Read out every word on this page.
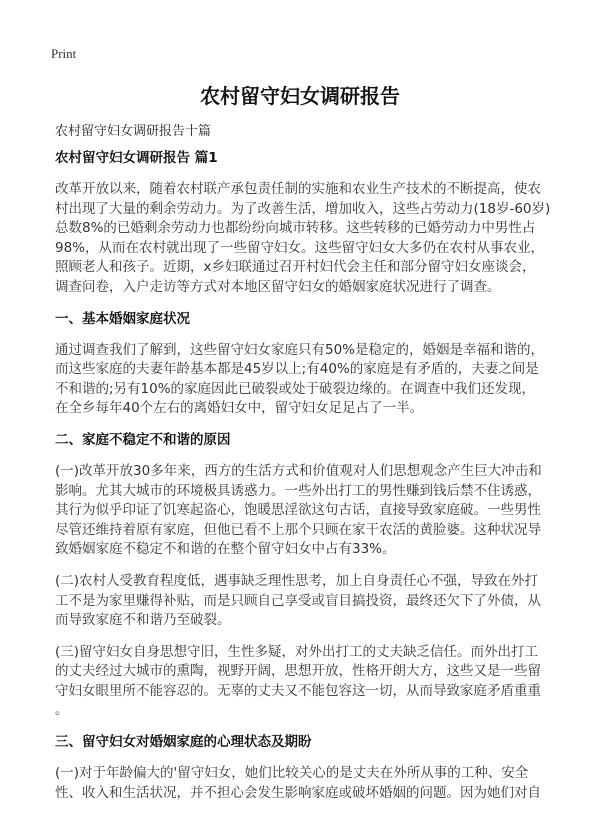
Print
农村留守妇女调研报告
农村留守妇女调研报告十篇
农村留守妇女调研报告 篇1
改革开放以来，随着农村联产承包责任制的实施和农业生产技术的不断提高，使农
村出现了大量的剩余劳动力。为了改善生活，增加收入，这些占劳动力(18岁-60岁)
总数8%的已婚剩余劳动力也都纷纷向城市转移。这些转移的已婚劳动力中男性占
98%，从而在农村就出现了一些留守妇女。这些留守妇女大多仍在农村从事农业，
照顾老人和孩子。近期，x乡妇联通过召开村妇代会主任和部分留守妇女座谈会，
调查问卷，入户走访等方式对本地区留守妇女的婚姻家庭状况进行了调查。
一、基本婚姻家庭状况
通过调查我们了解到，这些留守妇女家庭只有50%是稳定的，婚姻是幸福和谐的，
而这些家庭的夫妻年龄基本都是45岁以上;有40%的家庭是有矛盾的，夫妻之间是
不和谐的;另有10%的家庭因此已破裂或处于破裂边缘的。在调查中我们还发现，
在全乡每年40个左右的离婚妇女中，留守妇女足足占了一半。
二、家庭不稳定不和谐的原因
(一)改革开放30多年来，西方的生活方式和价值观对人们思想观念产生巨大冲击和
影响。尤其大城市的环境极具诱惑力。一些外出打工的男性赚到钱后禁不住诱惑，
其行为似乎印证了饥寒起盗心，饱暖思淫欲这句古话，直接导致家庭破。一些男性
尽管还维持着原有家庭，但他已看不上那个只顾在家干农活的黄脸婆。这种状况导
致婚姻家庭不稳定不和谐的在整个留守妇女中占有33%。
(二)农村人受教育程度低，遇事缺乏理性思考，加上自身责任心不强，导致在外打
工不是为家里赚得补贴，而是只顾自己享受或盲目搞投资，最终还欠下了外债，从
而导致家庭不和谐乃至破裂。
(三)留守妇女自身思想守旧，生性多疑，对外出打工的丈夫缺乏信任。而外出打工
的丈夫经过大城市的熏陶，视野开阔，思想开放，性格开朗大方，这些又是一些留
守妇女眼里所不能容忍的。无辜的丈夫又不能包容这一切，从而导致家庭矛盾重重
。
三、留守妇女对婚姻家庭的心理状态及期盼
(一)对于年龄偏大的'留守妇女，她们比较关心的是丈夫在外所从事的工种、安全
性、收入和生活状况，并不担心会发生影响家庭或破坏婚姻的问题。因为她们对自
